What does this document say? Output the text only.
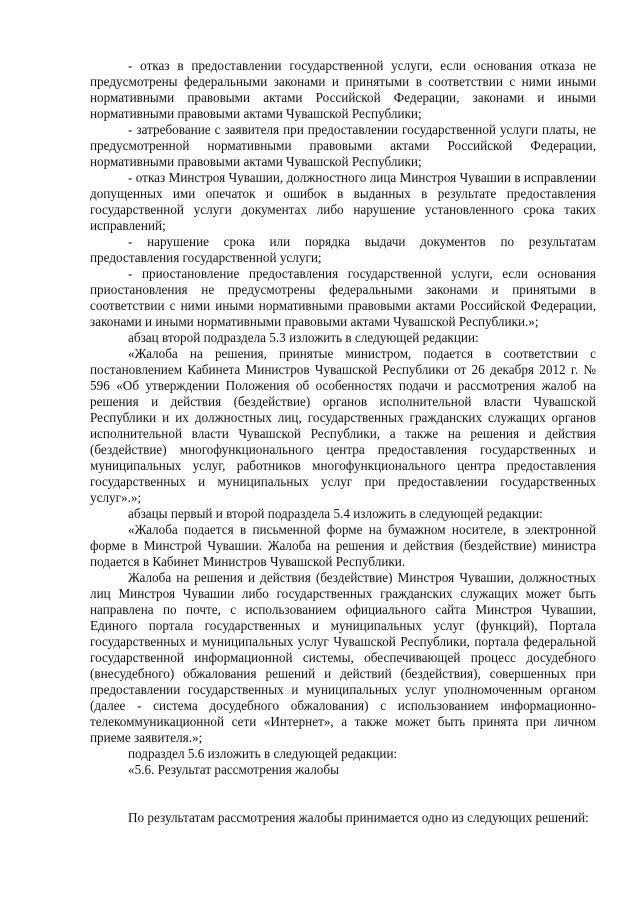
- отказ в предоставлении государственной услуги, если основания отказа не предусмотрены федеральными законами и принятыми в соответствии с ними иными нормативными правовыми актами Российской Федерации, законами и иными нормативными правовыми актами Чувашской Республики;

- затребование с заявителя при предоставлении государственной услуги платы, не предусмотренной нормативными правовыми актами Российской Федерации, нормативными правовыми актами Чувашской Республики;

- отказ Минстроя Чувашии, должностного лица Минстроя Чувашии в исправлении допущенных ими опечаток и ошибок в выданных в результате предоставления государственной услуги документах либо нарушение установленного срока таких исправлений;

- нарушение срока или порядка выдачи документов по результатам предоставления государственной услуги;

- приостановление предоставления государственной услуги, если основания приостановления не предусмотрены федеральными законами и принятыми в соответствии с ними иными нормативными правовыми актами Российской Федерации, законами и иными нормативными правовыми актами Чувашской Республики.»;

абзац второй подраздела 5.3 изложить в следующей редакции:

«Жалоба на решения, принятые министром, подается в соответствии с постановлением Кабинета Министров Чувашской Республики от 26 декабря 2012 г. № 596 «Об утверждении Положения об особенностях подачи и рассмотрения жалоб на решения и действия (бездействие) органов исполнительной власти Чувашской Республики и их должностных лиц, государственных гражданских служащих органов исполнительной власти Чувашской Республики, а также на решения и действия (бездействие) многофункционального центра предоставления государственных и муниципальных услуг, работников многофункционального центра предоставления государственных и муниципальных услуг при предоставлении государственных услуг».»;

абзацы первый и второй подраздела 5.4 изложить в следующей редакции:

«Жалоба подается в письменной форме на бумажном носителе, в электронной форме в Минстрой Чувашии. Жалоба на решения и действия (бездействие) министра подается в Кабинет Министров Чувашской Республики.

Жалоба на решения и действия (бездействие) Минстроя Чувашии, должностных лиц Минстроя Чувашии либо государственных гражданских служащих может быть направлена по почте, с использованием официального сайта Минстроя Чувашии, Единого портала государственных и муниципальных услуг (функций), Портала государственных и муниципальных услуг Чувашской Республики, портала федеральной государственной информационной системы, обеспечивающей процесс досудебного (внесудебного) обжалования решений и действий (бездействия), совершенных при предоставлении государственных и муниципальных услуг уполномоченным органом (далее - система досудебного обжалования) с использованием информационно-телекоммуникационной сети «Интернет», а также может быть принята при личном приеме заявителя.»;

подраздел 5.6 изложить в следующей редакции:

«5.6. Результат рассмотрения жалобы

По результатам рассмотрения жалобы принимается одно из следующих решений:
